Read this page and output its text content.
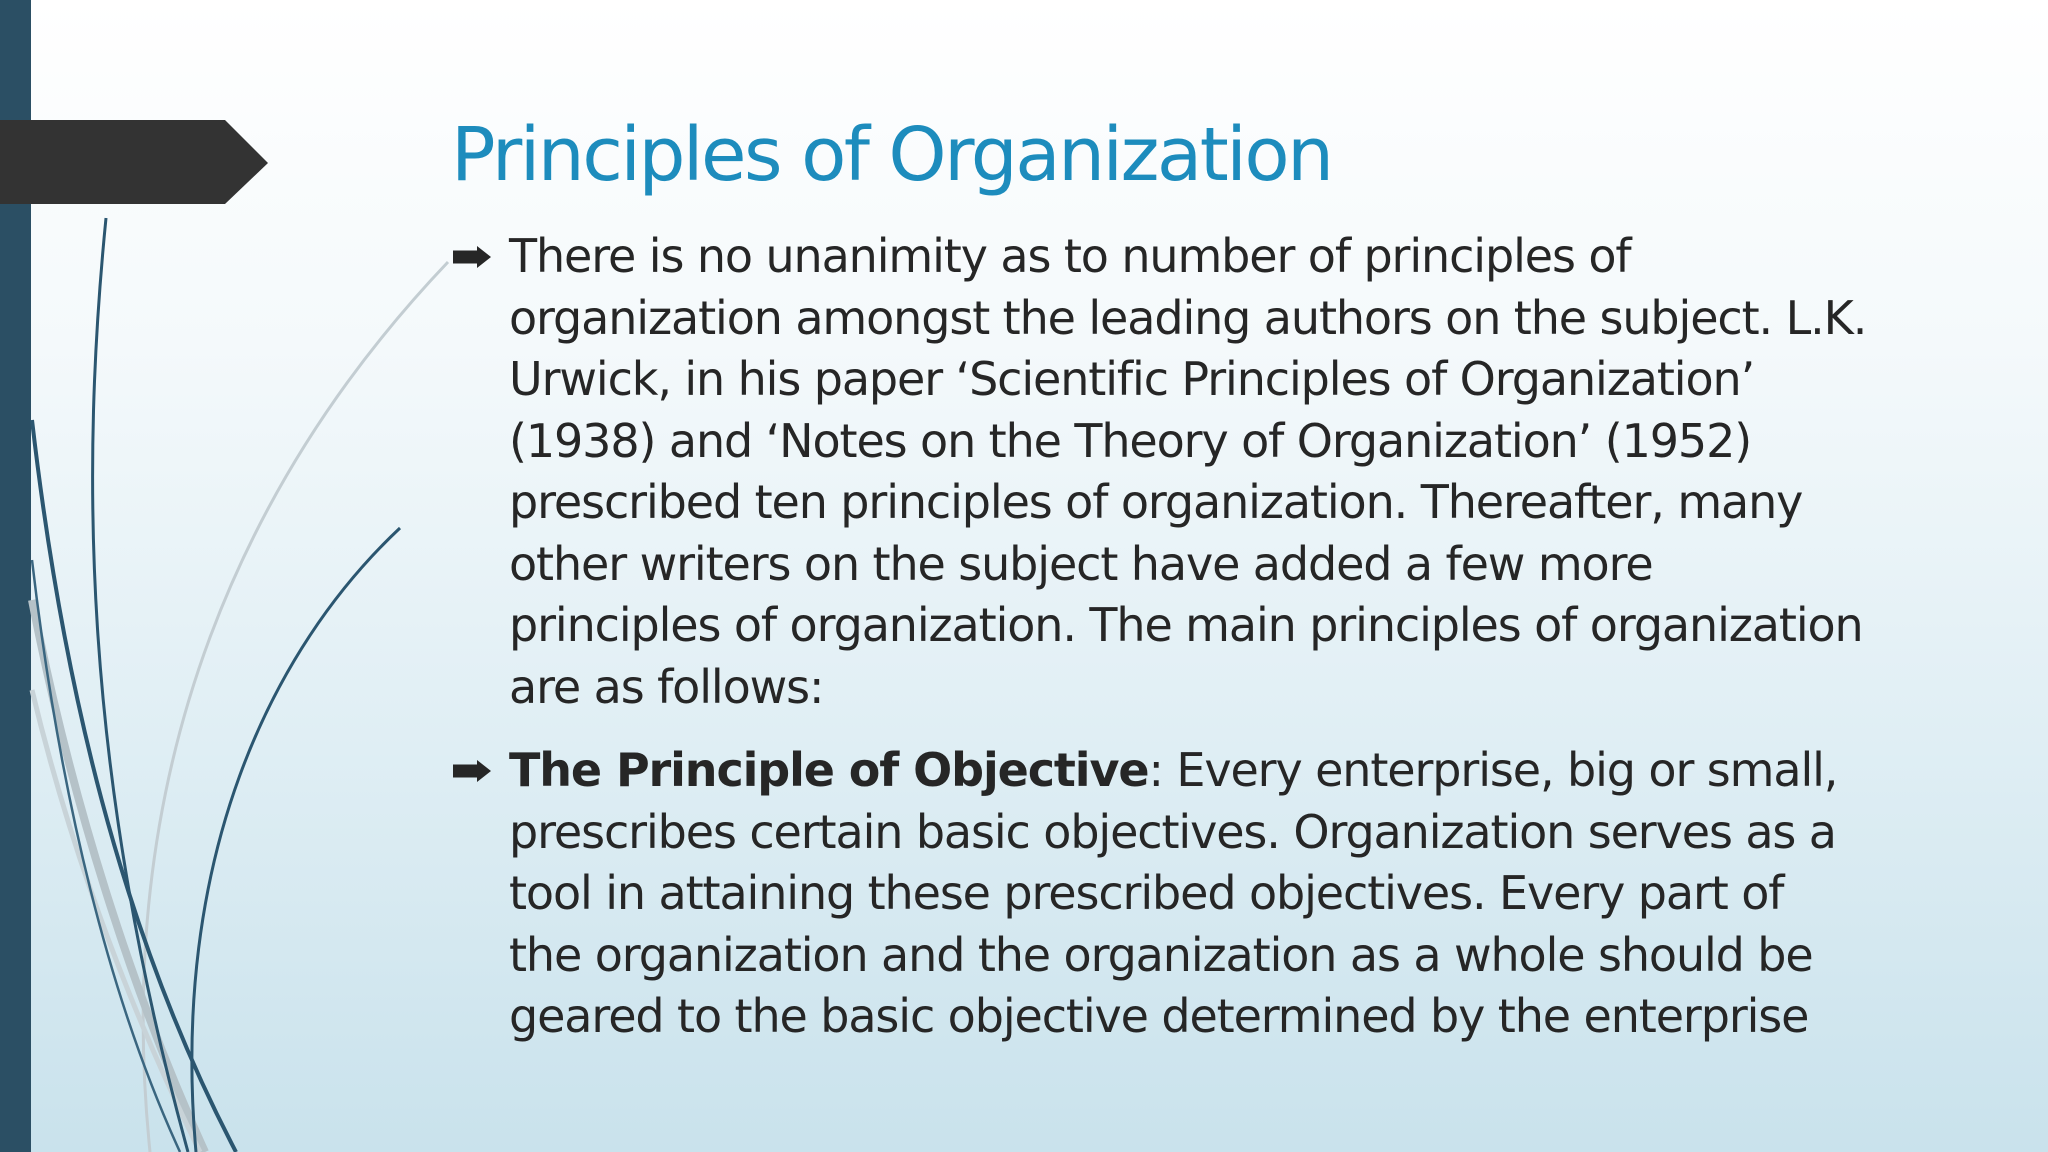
Principles of Organization
There is no unanimity as to number of principles of
organization amongst the leading authors on the subject. L.K.
Urwick, in his paper ‘Scientific Principles of Organization’
(1938) and ‘Notes on the Theory of Organization’ (1952)
prescribed ten principles of organization. Thereafter, many
other writers on the subject have added a few more
principles of organization. The main principles of organization
are as follows:
The Principle of Objective: Every enterprise, big or small,
prescribes certain basic objectives. Organization serves as a
tool in attaining these prescribed objectives. Every part of
the organization and the organization as a whole should be
geared to the basic objective determined by the enterprise
